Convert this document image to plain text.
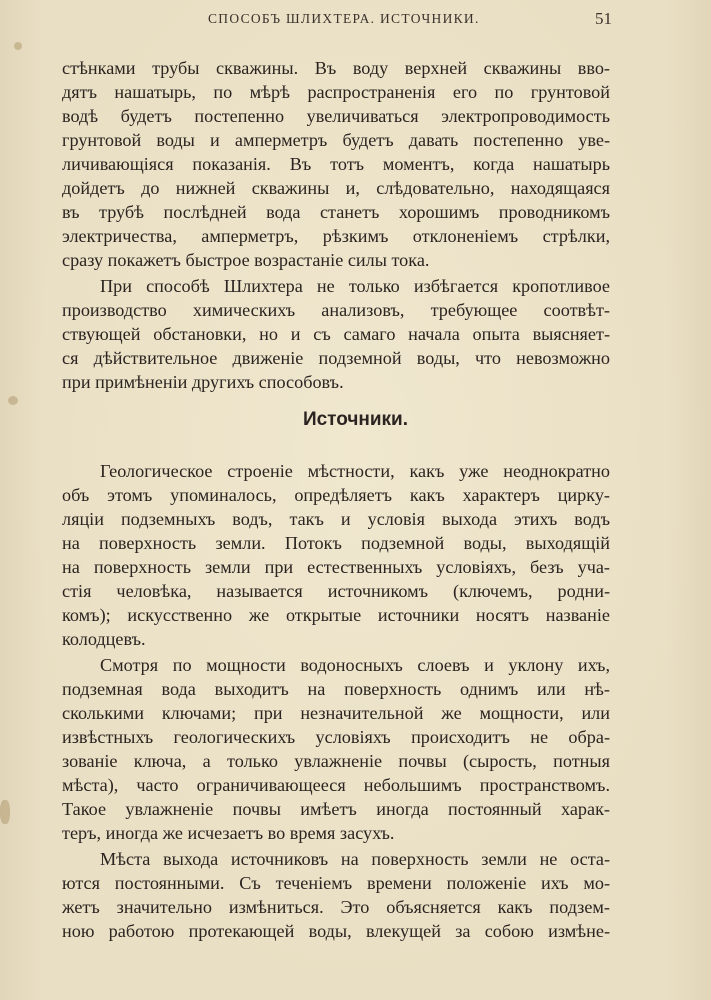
СПОСОБЪ ШЛИХТЕРА. ИСТОЧНИКИ.	51
стѣнками трубы скважины. Въ воду верхней скважины вво-
дятъ нашатырь, по мѣрѣ распространенія его по грунтовой
водѣ будетъ постепенно увеличиваться электропроводимость
грунтовой воды и амперметръ будетъ давать постепенно уве-
личивающіяся показанія. Въ тотъ моментъ, когда нашатырь
дойдетъ до нижней скважины и, слѣдовательно, находящаяся
въ трубѣ послѣдней вода станетъ хорошимъ проводникомъ
электричества, амперметръ, рѣзкимъ отклоненіемъ стрѣлки,
сразу покажетъ быстрое возрастаніе силы тока.
При способѣ Шлихтера не только избѣгается кропотливое
производство химическихъ анализовъ, требующее соотвѣт-
ствующей обстановки, но и съ самаго начала опыта выясняет-
ся дѣйствительное движеніе подземной воды, что невозможно
при примѣненіи другихъ способовъ.
Источники.
Геологическое строеніе мѣстности, какъ уже неоднократно
объ этомъ упоминалось, опредѣляетъ какъ характеръ цирку-
ляціи подземныхъ водъ, такъ и условія выхода этихъ водъ
на поверхность земли. Потокъ подземной воды, выходящій
на поверхность земли при естественныхъ условіяхъ, безъ уча-
стія человѣка, называется источникомъ (ключемъ, родни-
комъ); искусственно же открытые источники носятъ названіе
колодцевъ.
Смотря по мощности водоносныхъ слоевъ и уклону ихъ,
подземная вода выходитъ на поверхность однимъ или нѣ-
сколькими ключами; при незначительной же мощности, или
извѣстныхъ геологическихъ условіяхъ происходитъ не обра-
зованіе ключа, а только увлажненіе почвы (сырость, потныя
мѣста), часто ограничивающееся небольшимъ пространствомъ.
Такое увлажненіе почвы имѣетъ иногда постоянный харак-
теръ, иногда же исчезаетъ во время засухъ.
Мѣста выхода источниковъ на поверхность земли не оста-
ются постоянными. Съ теченіемъ времени положеніе ихъ мо-
жетъ значительно измѣниться. Это объясняется какъ подзем-
ною работою протекающей воды, влекущей за собою измѣне-
